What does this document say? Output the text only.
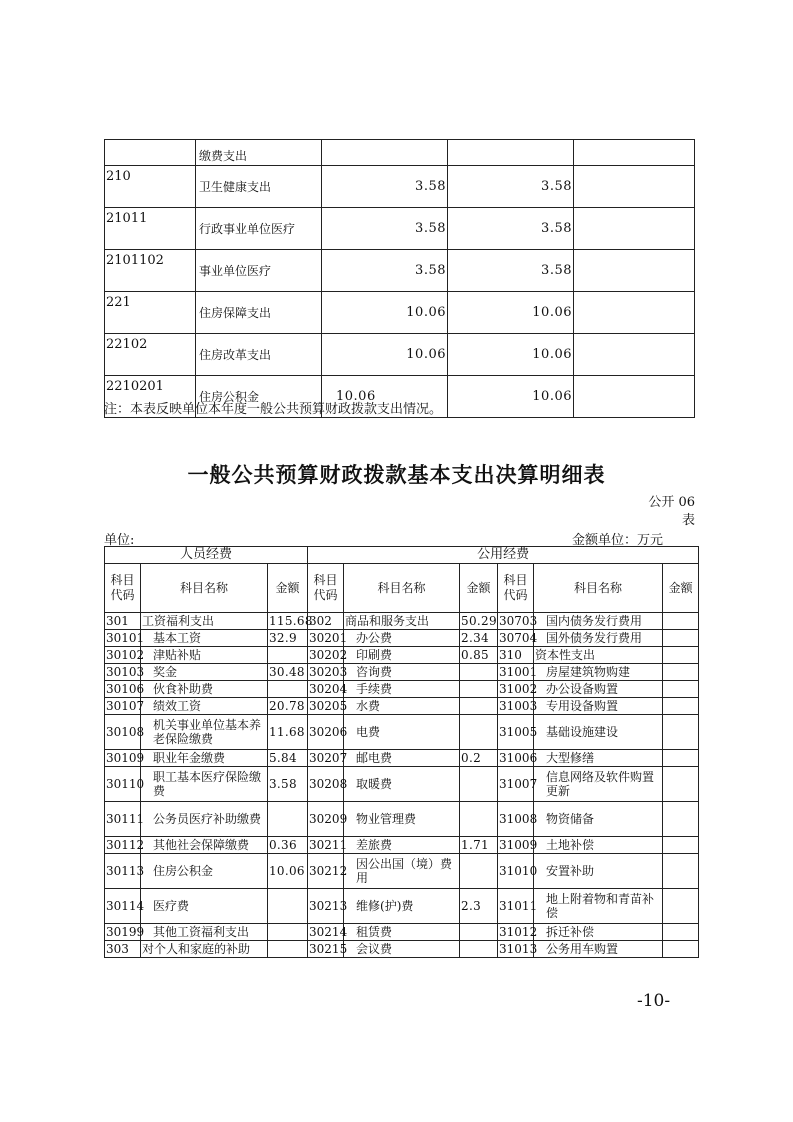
	缴费支出			
210	卫生健康支出	3.58	3.58	
21011	行政事业单位医疗	3.58	3.58	
2101102	事业单位医疗	3.58	3.58	
221	住房保障支出	10.06	10.06	
22102	住房改革支出	10.06	10.06	
2210201	住房公积金	10.06	10.06	
注：本表反映单位本年度一般公共预算财政拨款支出情况。
一般公共预算财政拨款基本支出决算明细表
公开 06
表
单位:	金额单位：万元
人员经费			公用经费					
科目代码	科目名称	金额	科目代码	科目名称	金额	科目代码	科目名称	金额
301	工资福利支出	115.68	302	商品和服务支出	50.29	30703	国内债务发行费用	
30101	基本工资	32.9	30201	办公费	2.34	30704	国外债务发行费用	
30102	津贴补贴		30202	印刷费	0.85	310	资本性支出	
30103	奖金	30.48	30203	咨询费		31001	房屋建筑物购建	
30106	伙食补助费		30204	手续费		31002	办公设备购置	
30107	绩效工资	20.78	30205	水费		31003	专用设备购置	
30108	机关事业单位基本养老保险缴费	11.68	30206	电费		31005	基础设施建设	
30109	职业年金缴费	5.84	30207	邮电费	0.2	31006	大型修缮	
30110	职工基本医疗保险缴费	3.58	30208	取暖费		31007	信息网络及软件购置更新	
30111	公务员医疗补助缴费		30209	物业管理费		31008	物资储备	
30112	其他社会保障缴费	0.36	30211	差旅费	1.71	31009	土地补偿	
30113	住房公积金	10.06	30212	因公出国（境）费用		31010	安置补助	
30114	医疗费		30213	维修(护)费	2.3	31011	地上附着物和青苗补偿	
30199	其他工资福利支出		30214	租赁费		31012	拆迁补偿	
303	对个人和家庭的补助		30215	会议费		31013	公务用车购置	
-10-
